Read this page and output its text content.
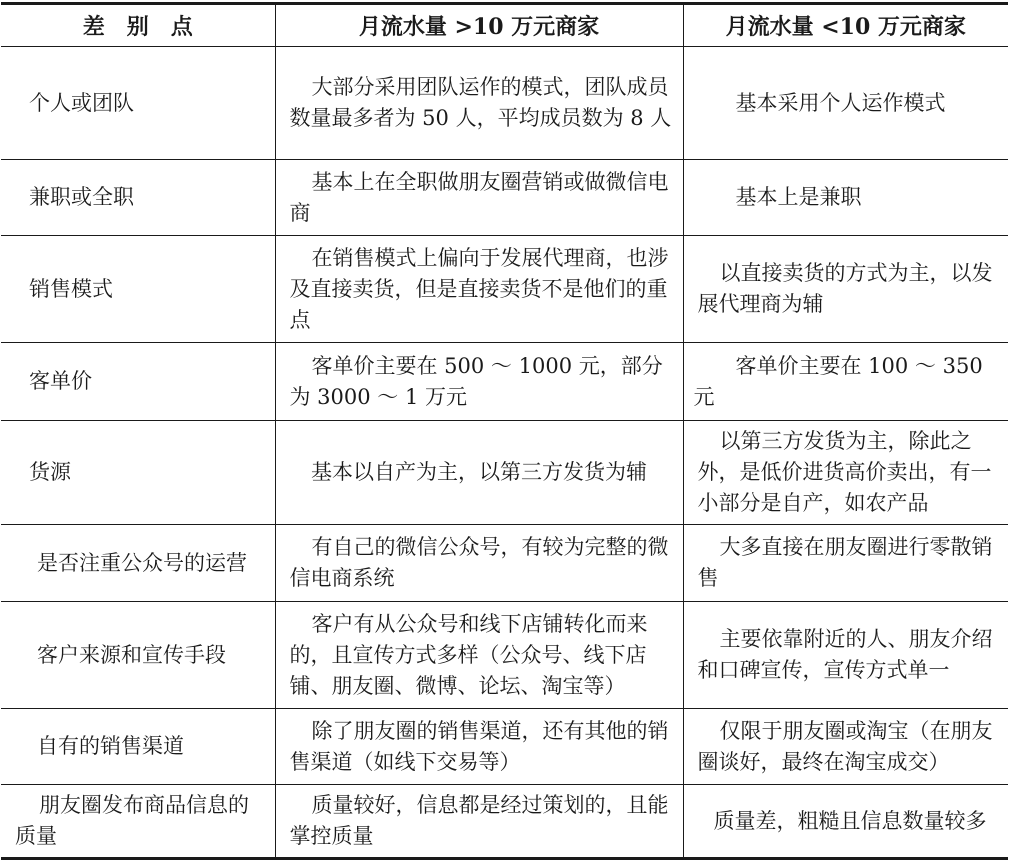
差　别　点	月流水量 >10 万元商家	月流水量 <10 万元商家
个人或团队	大部分采用团队运作的模式，团队成员数量最多者为 50 人，平均成员数为 8 人	基本采用个人运作模式
兼职或全职	基本上在全职做朋友圈营销或做微信电商	基本上是兼职
销售模式	在销售模式上偏向于发展代理商，也涉及直接卖货，但是直接卖货不是他们的重点	以直接卖货的方式为主，以发展代理商为辅
客单价	客单价主要在 500 ～ 1000 元，部分为 3000 ～ 1 万元	客单价主要在 100 ～ 350 元
货源	基本以自产为主，以第三方发货为辅	以第三方发货为主，除此之外，是低价进货高价卖出，有一小部分是自产，如农产品
是否注重公众号的运营	有自己的微信公众号，有较为完整的微信电商系统	大多直接在朋友圈进行零散销售
客户来源和宣传手段	客户有从公众号和线下店铺转化而来的，且宣传方式多样（公众号、线下店铺、朋友圈、微博、论坛、淘宝等）	主要依靠附近的人、朋友介绍和口碑宣传，宣传方式单一
自有的销售渠道	除了朋友圈的销售渠道，还有其他的销售渠道（如线下交易等）	仅限于朋友圈或淘宝（在朋友圈谈好，最终在淘宝成交）
朋友圈发布商品信息的质量	质量较好，信息都是经过策划的，且能掌控质量	质量差，粗糙且信息数量较多
